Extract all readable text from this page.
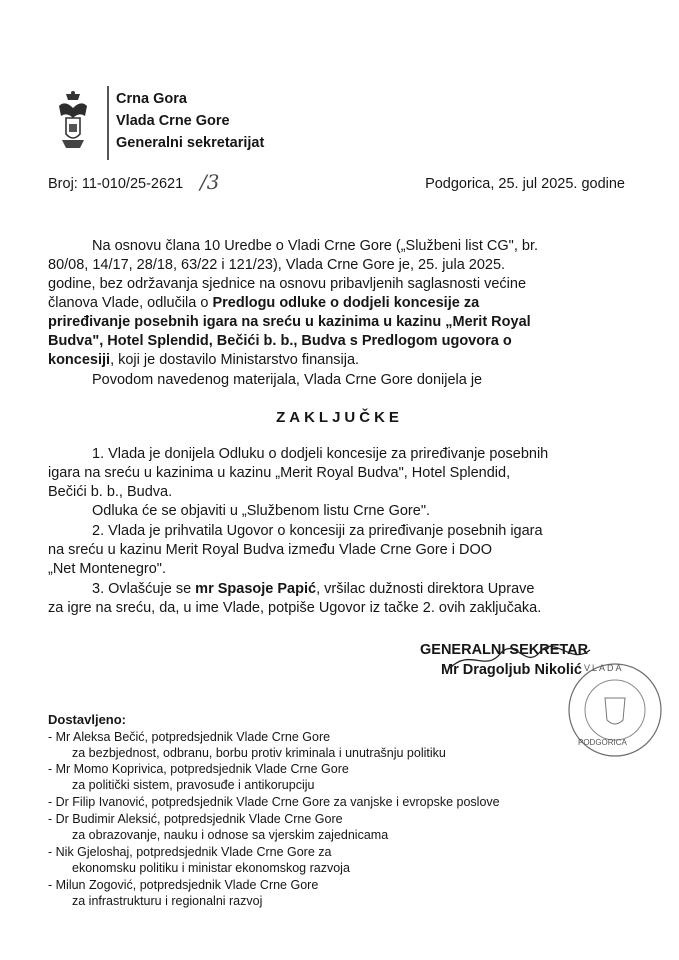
Crna Gora
Vlada Crne Gore
Generalni sekretarijat
Broj: 11-010/25-2621 /3	Podgorica, 25. jul 2025. godine
Na osnovu člana 10 Uredbe o Vladi Crne Gore („Službeni list CG", br.
80/08, 14/17, 28/18, 63/22 i 121/23), Vlada Crne Gore je, 25. jula 2025.
godine, bez održavanja sjednice na osnovu pribavljenih saglasnosti većine
članova Vlade, odlučila o Predlogu odluke o dodjeli koncesije za
priređivanje posebnih igara na sreću u kazinima u kazinu „Merit Royal
Budva", Hotel Splendid, Bečići b. b., Budva s Predlogom ugovora o
koncesiji, koji je dostavilo Ministarstvo finansija.
Povodom navedenog materijala, Vlada Crne Gore donijela je
ZAKLJUČKE
1. Vlada je donijela Odluku o dodjeli koncesije za priređivanje posebnih
igara na sreću u kazinima u kazinu „Merit Royal Budva", Hotel Splendid,
Bečići b. b., Budva.
Odluka će se objaviti u „Službenom listu Crne Gore".
2. Vlada je prihvatila Ugovor o koncesiji za priređivanje posebnih igara
na sreću u kazinu Merit Royal Budva između Vlade Crne Gore i DOO
„Net Montenegro".
3. Ovlašćuje se mr Spasoje Papić, vršilac dužnosti direktora Uprave
za igre na sreću, da, u ime Vlade, potpiše Ugovor iz tačke 2. ovih zaključaka.
GENERALNI SEKRETAR
Mr Dragoljub Nikolić VLADA
PODGORICA
Dostavljeno:
- Mr Aleksa Bečić, potpredsjednik Vlade Crne Gore
za bezbjednost, odbranu, borbu protiv kriminala i unutrašnju politiku
- Mr Momo Koprivica, potpredsjednik Vlade Crne Gore
za politički sistem, pravosuđe i antikorupciju
- Dr Filip Ivanović, potpredsjednik Vlade Crne Gore za vanjske i evropske poslove
- Dr Budimir Aleksić, potpredsjednik Vlade Crne Gore
za obrazovanje, nauku i odnose sa vjerskim zajednicama
- Nik Gjeloshaj, potpredsjednik Vlade Crne Gore za
ekonomsku politiku i ministar ekonomskog razvoja
- Milun Zogović, potpredsjednik Vlade Crne Gore
za infrastrukturu i regionalni razvoj
